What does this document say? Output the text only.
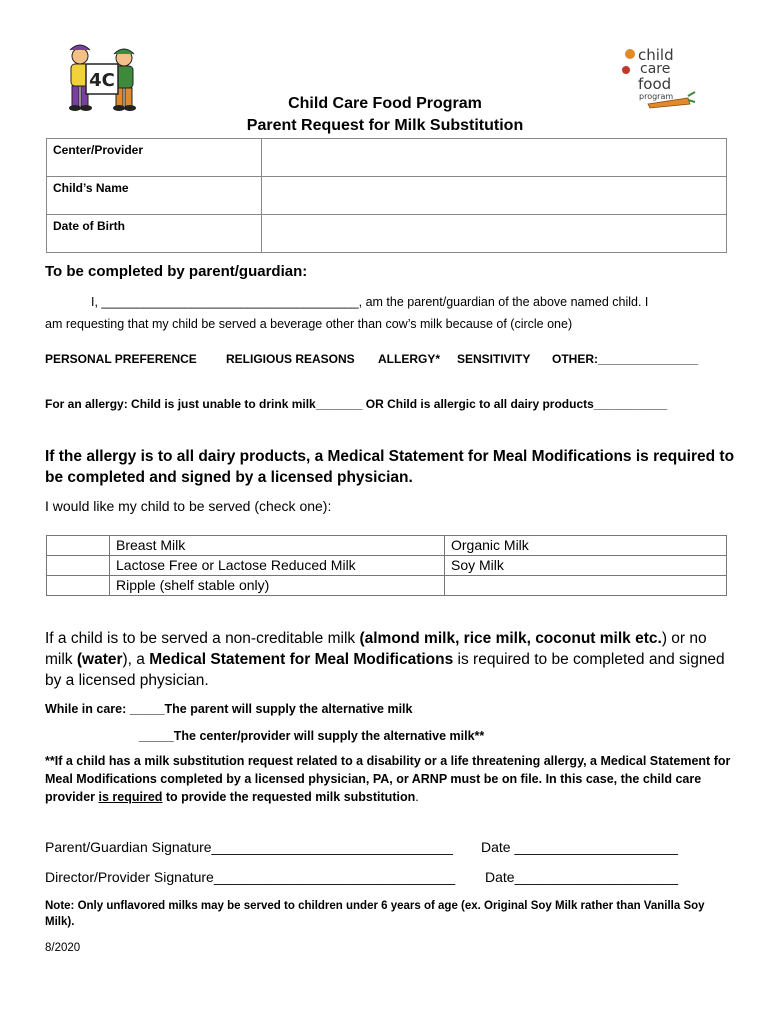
4C
child
care
food
program
Child Care Food Program
Parent Request for Milk Substitution
Center/Provider	
Child’s Name	
Date of Birth	
To be completed by parent/guardian:
I, _____________________________________, am the parent/guardian of the above named child. I
am requesting that my child be served a beverage other than cow’s milk because of (circle one)
PERSONAL PREFERENCE RELIGIOUS REASONS ALLERGY* SENSITIVITY OTHER:_______________
For an allergy: Child is just unable to drink milk_______ OR Child is allergic to all dairy products___________
If the allergy is to all dairy products, a Medical Statement for Meal Modifications is required to be completed and signed by a licensed physician.
I would like my child to be served (check one):
	Breast Milk	Organic Milk
	Lactose Free or Lactose Reduced Milk	Soy Milk
	Ripple (shelf stable only)	
If a child is to be served a non-creditable milk (almond milk, rice milk, coconut milk etc.) or no milk (water), a Medical Statement for Meal Modifications is required to be completed and signed by a licensed physician.
While in care: _____The parent will supply the alternative milk
_____The center/provider will supply the alternative milk**
**If a child has a milk substitution request related to a disability or a life threatening allergy, a Medical Statement for Meal Modifications completed by a licensed physician, PA, or ARNP must be on file. In this case, the child care provider is required to provide the requested milk substitution.
Parent/Guardian Signature_______________________________ Date _____________________
Director/Provider Signature_______________________________ Date_____________________
Note: Only unflavored milks may be served to children under 6 years of age (ex. Original Soy Milk rather than Vanilla Soy Milk).
8/2020
